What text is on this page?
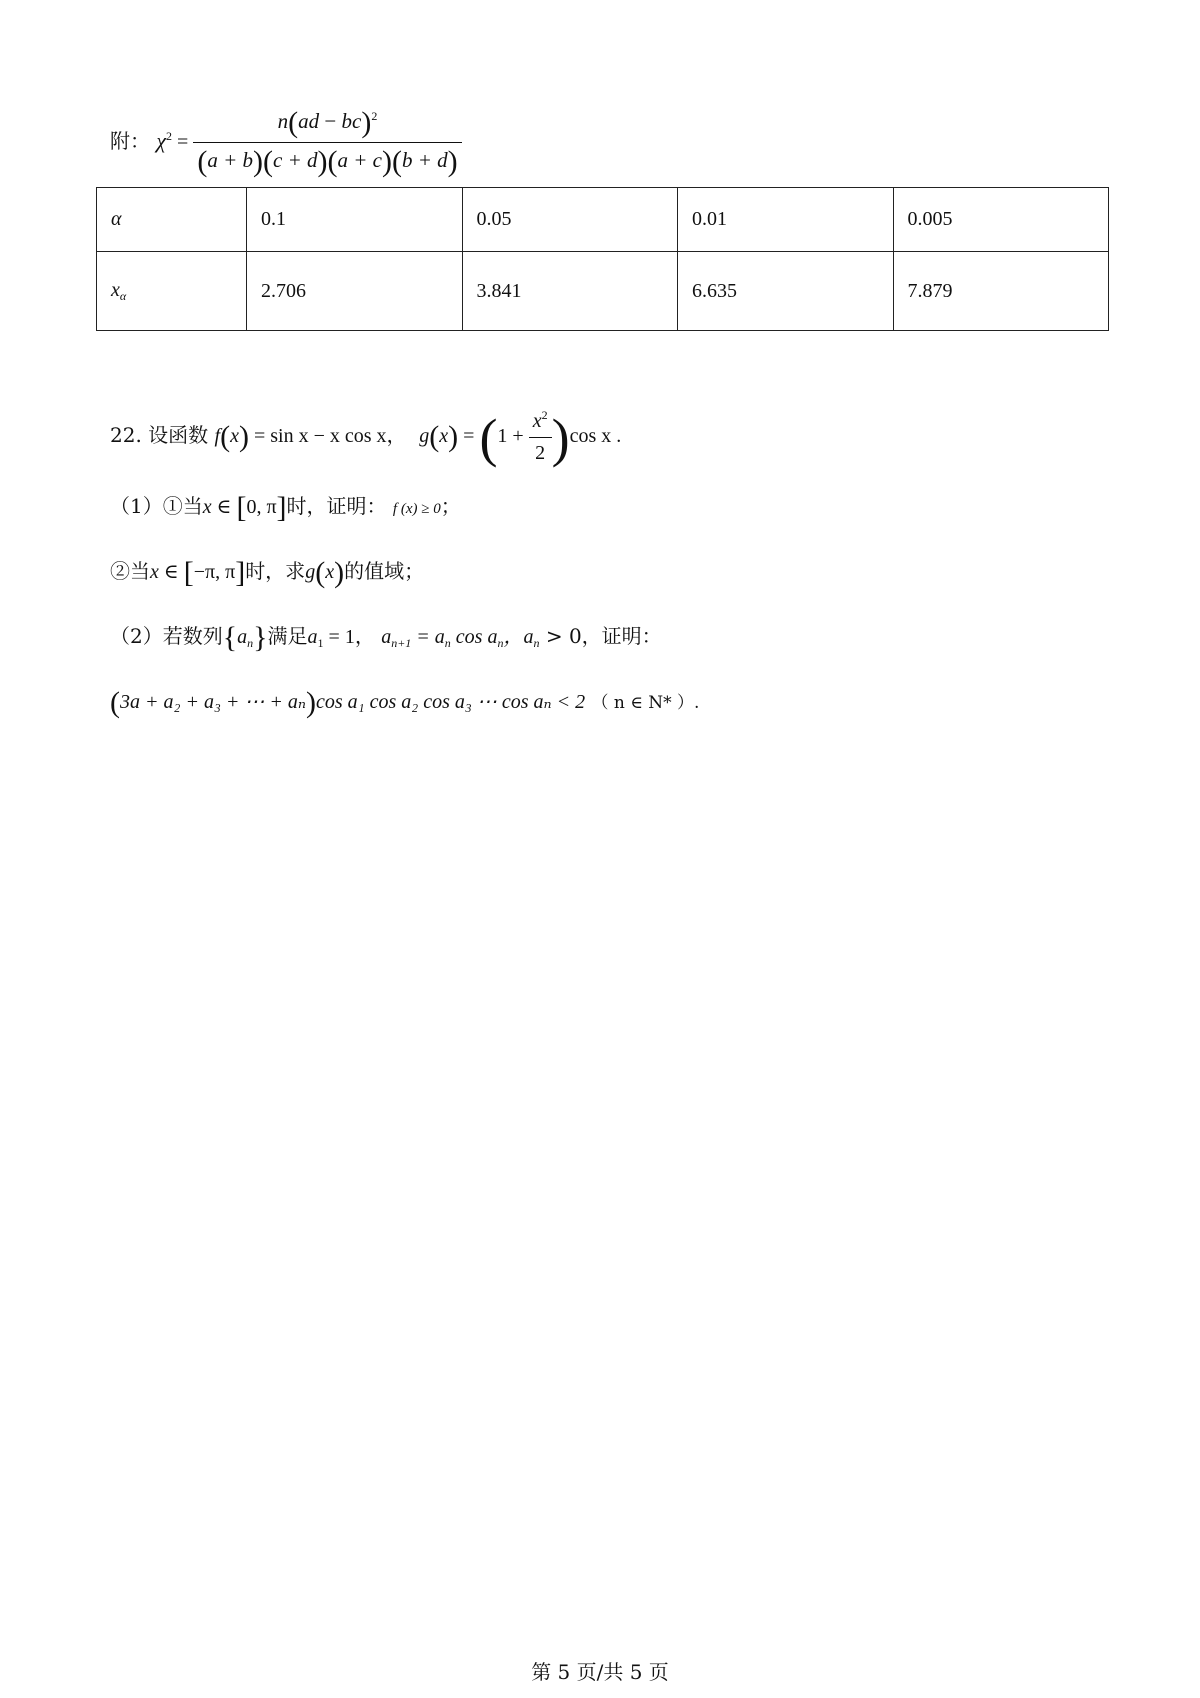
附： $\chi^2 = \frac{n(ad - bc)^2}{(a + b)(c + d)(a + c)(b + d)}$
α	0.1	0.05	0.01	0.005
$x_\alpha$	2.706	3.841	6.635	7.879
22. 设函数 f(x) = sin x − x cos x， $g(x) = (1 + \frac{x^2}{2} )\cos$ x .
（1）①当x ∈ [0, π]时，证明： f (x) ≥ 0；
②当x ∈ [−π, π]时，求g(x)的值域；
（2）若数列$\{a_n\}$满足$a_1 = 1$， $a_{n+1} = a_n$ $\cos a_n$，$a_n > 0$，证明：
(3a + a₂ + a₃ + ⋯ + aₙ)cos a₁ cos a₂ cos a₃ ⋯ cos aₙ < 2 （ n ∈ N* ）.
第 5 页/共 5 页
